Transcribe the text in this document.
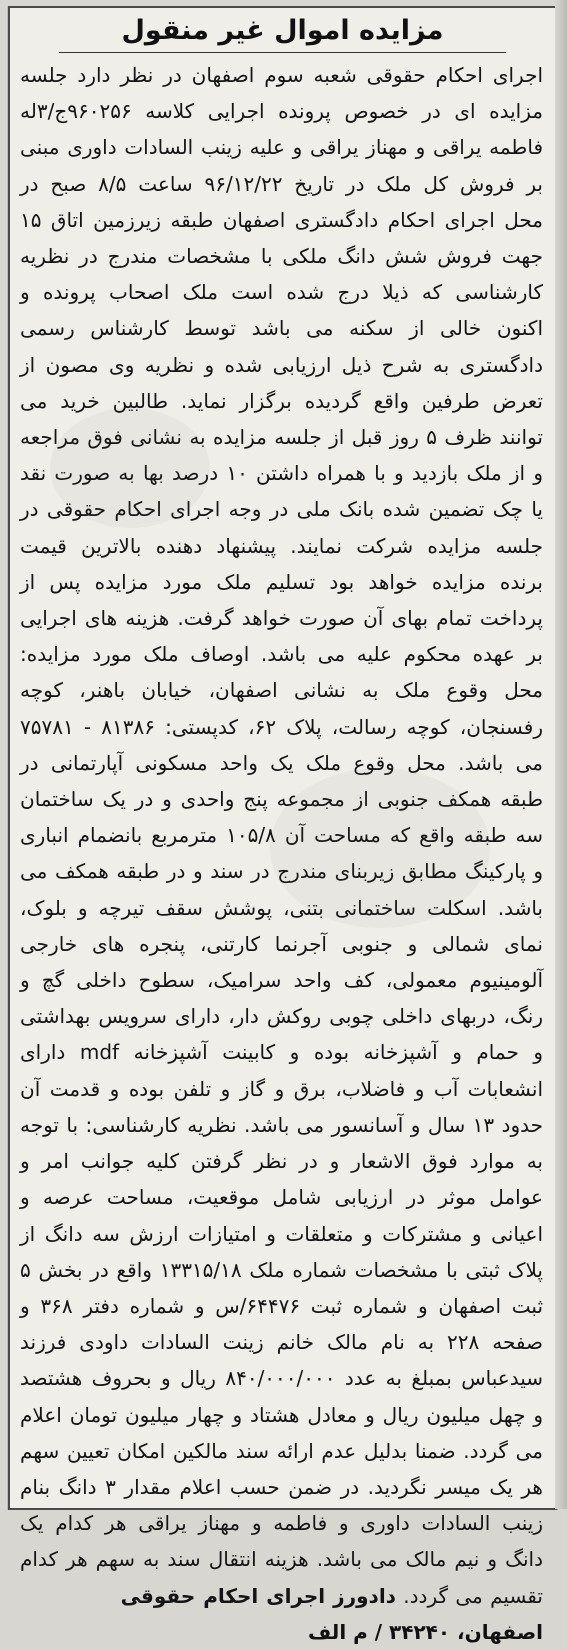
مزایده اموال غیر منقول
اجرای احکام حقوقی شعبه سوم اصفهان در نظر دارد جلسه مزایده ای در خصوص پرونده اجرایی کلاسه ۹۶۰۲۵۶ج/۳له فاطمه یراقی و مهناز یراقی و علیه زینب السادات داوری مبنی بر فروش کل ملک در تاریخ ۹۶/۱۲/۲۲ ساعت ۸/۵ صبح در محل اجرای احکام دادگستری اصفهان طبقه زیرزمین اتاق ۱۵ جهت فروش شش دانگ ملکی با مشخصات مندرج در نظریه کارشناسی که ذیلا درج شده است ملک اصحاب پرونده و اکنون خالی از سکنه می باشد توسط کارشناس رسمی دادگستری به شرح ذیل ارزیابی شده و نظریه وی مصون از تعرض طرفین واقع گردیده برگزار نماید. طالبین خرید می توانند ظرف ۵ روز قبل از جلسه مزایده به نشانی فوق مراجعه و از ملک بازدید و با همراه داشتن ۱۰ درصد بها به صورت نقد یا چک تضمین شده بانک ملی در وجه اجرای احکام حقوقی در جلسه مزایده شرکت نمایند. پیشنهاد دهنده بالاترین قیمت برنده مزایده خواهد بود تسلیم ملک مورد مزایده پس از پرداخت تمام بهای آن صورت خواهد گرفت. هزینه های اجرایی بر عهده محکوم علیه می باشد. اوصاف ملک مورد مزایده: محل وقوع ملک به نشانی اصفهان، خیابان باهنر، کوچه رفسنجان، کوچه رسالت، پلاک ۶۲، کدپستی: ۸۱۳۸۶ - ۷۵۷۸۱ می باشد. محل وقوع ملک یک واحد مسکونی آپارتمانی در طبقه همکف جنوبی از مجموعه پنج واحدی و در یک ساختمان سه طبقه واقع که مساحت آن ۱۰۵/۸ مترمربع بانضمام انباری و پارکینگ مطابق زیربنای مندرج در سند و در طبقه همکف می باشد. اسکلت ساختمانی بتنی، پوشش سقف تیرچه و بلوک، نمای شمالی و جنوبی آجرنما کارتنی، پنجره های خارجی آلومینیوم معمولی، کف واحد سرامیک، سطوح داخلی گچ و رنگ، دربهای داخلی چوبی روکش دار، دارای سرویس بهداشتی و حمام و آشپزخانه بوده و کابینت آشپزخانه mdf دارای انشعابات آب و فاضلاب، برق و گاز و تلفن بوده و قدمت آن حدود ۱۳ سال و آسانسور می باشد. نظریه کارشناسی: با توجه به موارد فوق الاشعار و در نظر گرفتن کلیه جوانب امر و عوامل موثر در ارزیابی شامل موقعیت، مساحت عرصه و اعیانی و مشترکات و متعلقات و امتیازات ارزش سه دانگ از پلاک ثبتی با مشخصات شماره ملک ۱۳۳۱۵/۱۸ واقع در بخش ۵ ثبت اصفهان و شماره ثبت ۶۴۴۷۶/س و شماره دفتر ۳۶۸ و صفحه ۲۲۸ به نام مالک خانم زینت السادات داودی فرزند سیدعباس بمبلغ به عدد ۸۴۰/۰۰۰/۰۰۰ ریال و بحروف هشتصد و چهل میلیون ریال و معادل هشتاد و چهار میلیون تومان اعلام می گردد. ضمنا بدلیل عدم ارائه سند مالکین امکان تعیین سهم هر یک میسر نگردید. در ضمن حسب اعلام مقدار ۳ دانگ بنام زینب السادات داوری و فاطمه و مهناز یراقی هر کدام یک دانگ و نیم مالک می باشد. هزینه انتقال سند به سهم هر کدام تقسیم می گردد. دادورز اجرای احکام حقوقی
اصفهان، ۳۴۲۴۰ / م الف
